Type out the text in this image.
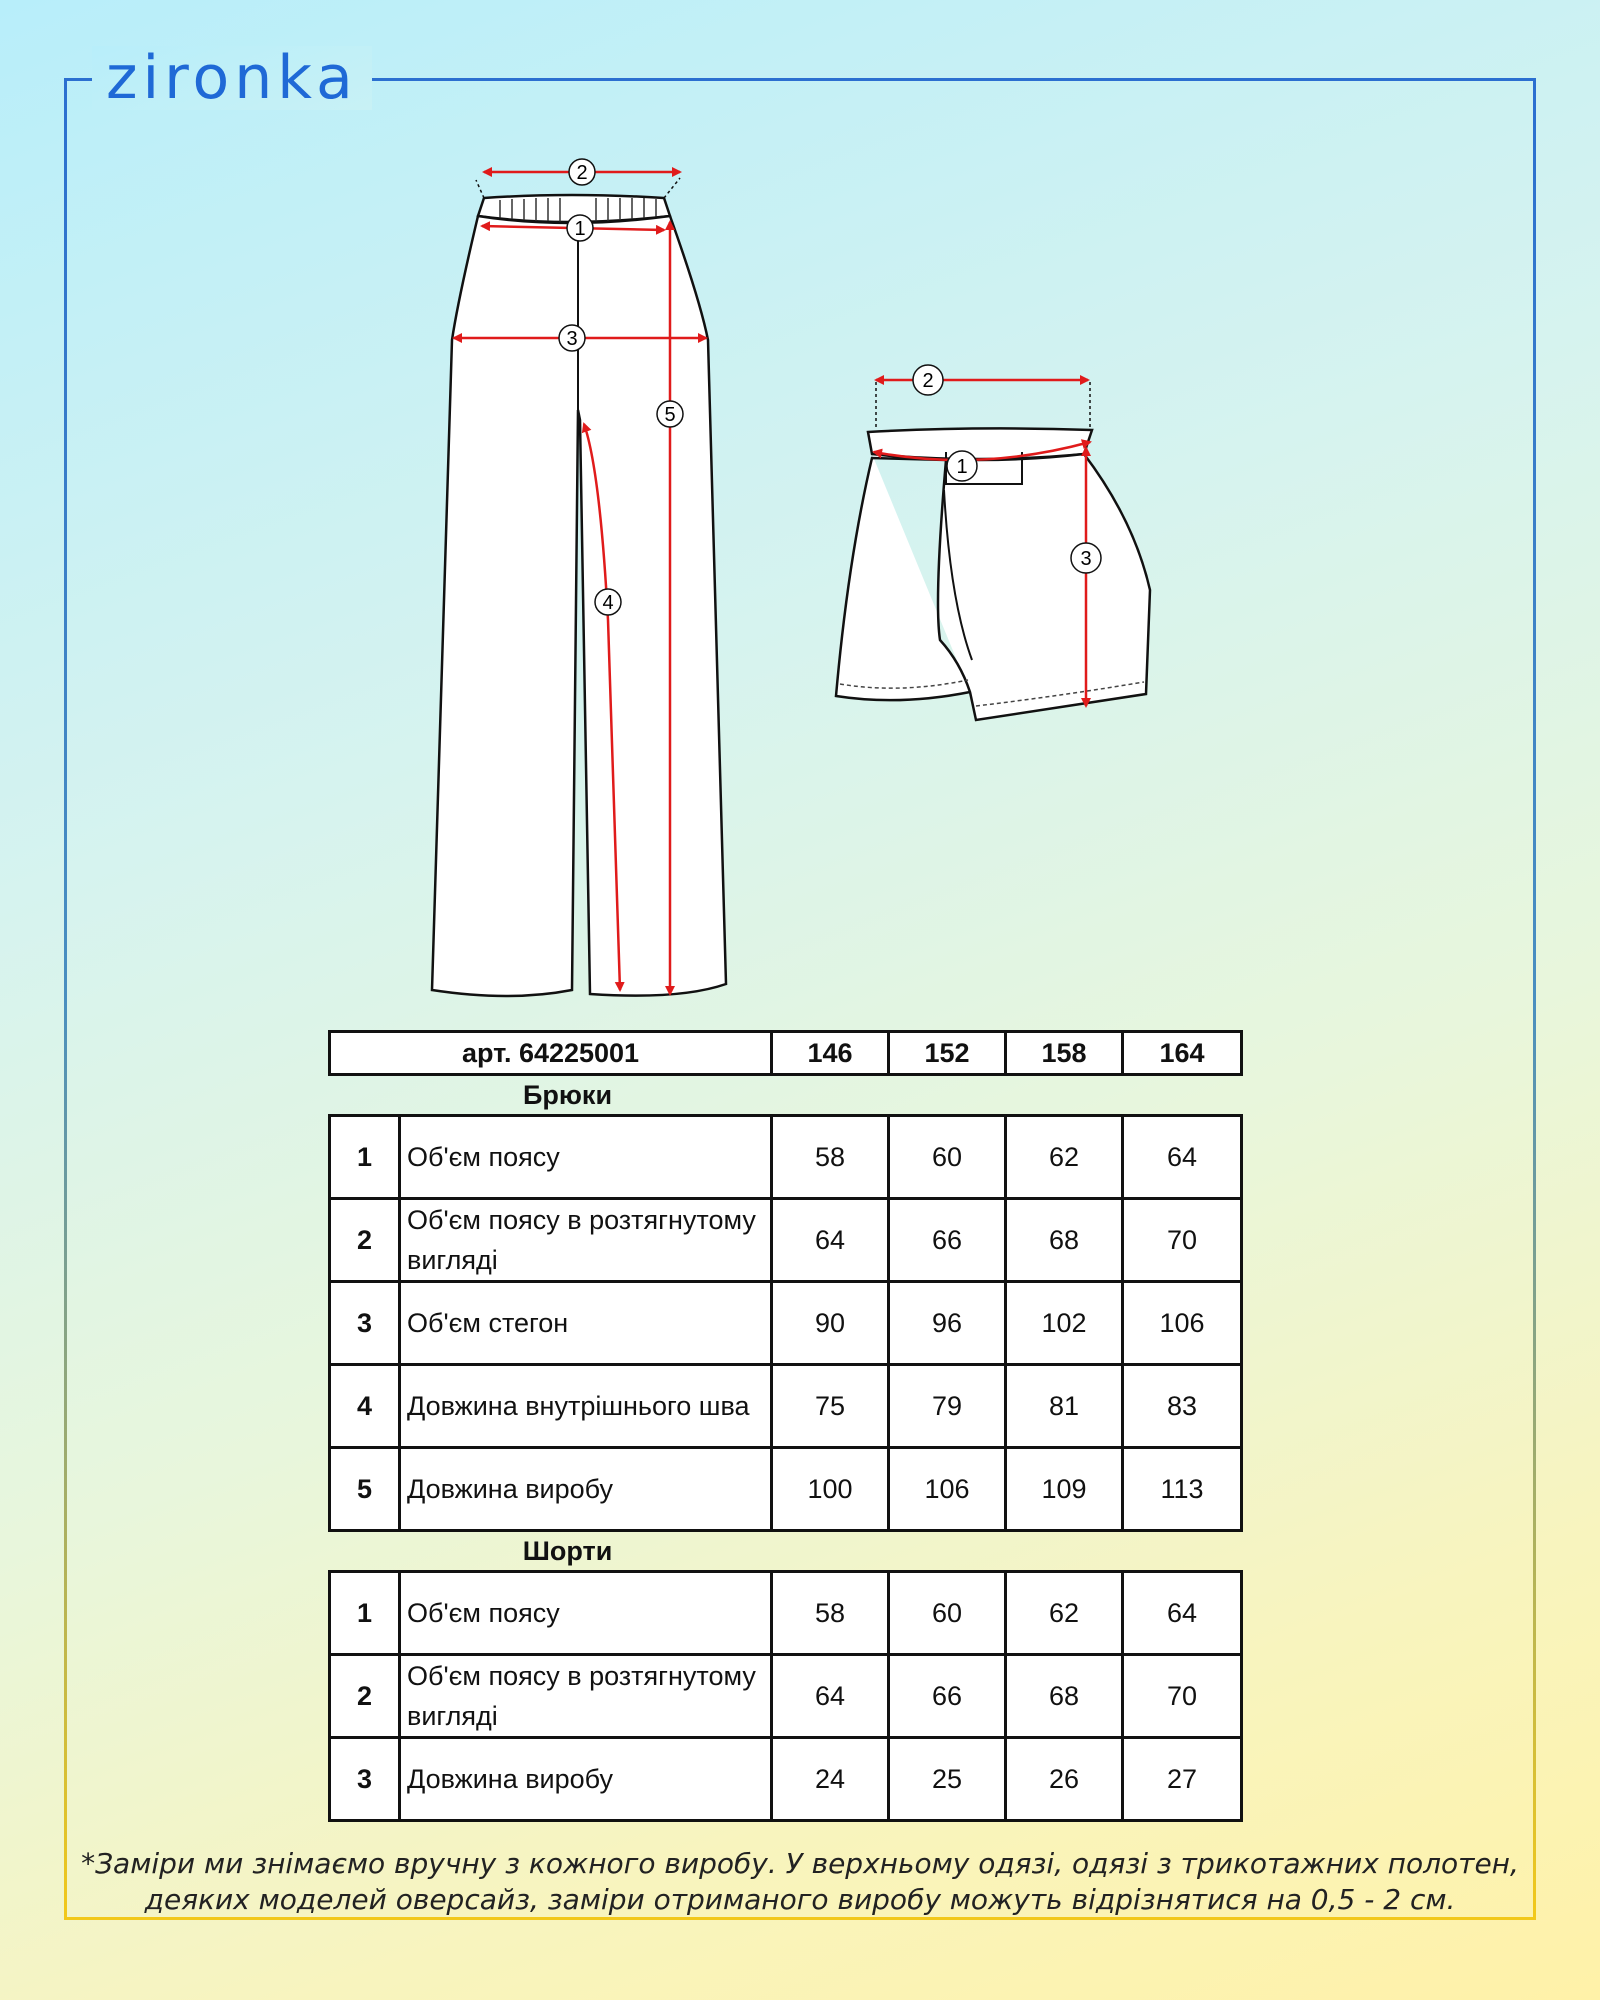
zironka
1
2
3
4
5
1
2
3
арт. 64225001		146	152	158	164
Брюки					
1	Об'єм поясу	58	60	62	64
2	Об'єм поясу в розтягнутому вигляді	64	66	68	70
3	Об'єм стегон	90	96	102	106
4	Довжина внутрішнього шва	75	79	81	83
5	Довжина виробу	100	106	109	113
Шорти					
1	Об'єм поясу	58	60	62	64
2	Об'єм поясу в розтягнутому вигляді	64	66	68	70
3	Довжина виробу	24	25	26	27
*Заміри ми знімаємо вручну з кожного виробу. У верхньому одязі, одязі з трикотажних полотен,
деяких моделей оверсайз, заміри отриманого виробу можуть відрізнятися на 0,5 - 2 см.
